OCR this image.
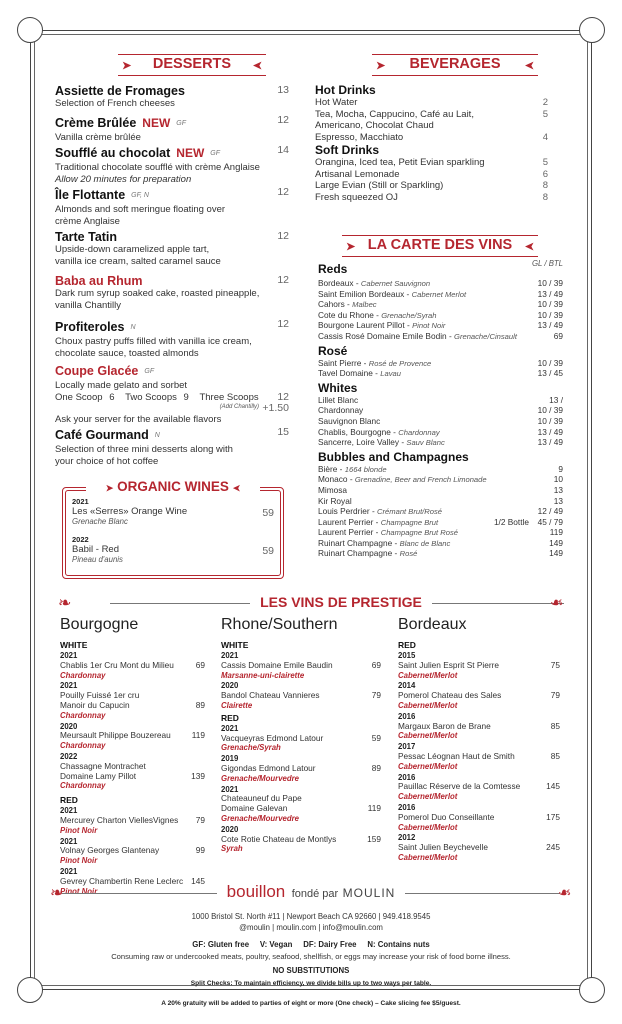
➤ DESSERTS ➤
Assiette de Fromages	13
Selection of French cheeses
Crème Brûlée NEW GF	12
Vanilla crème brûlée
Soufflé au chocolat NEW GF	14
Traditional chocolate soufflé with crème Anglaise
Allow 20 minutes for preparation
Île Flottante GF, N	12
Almonds and soft meringue floating over
crème Anglaise
Tarte Tatin	12
Upside-down caramelized apple tart,
vanilla ice cream, salted caramel sauce
Baba au Rhum	12
Dark rum syrup soaked cake, roasted pineapple,
vanilla Chantilly
Profiteroles N	12
Choux pastry puffs filled with vanilla ice cream,
chocolate sauce, toasted almonds
Coupe Glacée GF
Locally made gelato and sorbet
One Scoop 6 Two Scoops 9 Three Scoops 12
(Add Chantilly) +1.50
Ask your server for the available flavors
Café Gourmand N	15
Selection of three mini desserts along with
your choice of hot coffee
➤ ORGANIC WINES ➤
2021
Les «Serres» Orange Wine
Grenache Blanc
59
2022
Babil - Red
Pineau d'aunis
59
➤ BEVERAGES ➤
Hot Drinks
Hot Water	2
Tea, Mocha, Cappucino, Café au Lait,	5
Americano, Chocolat Chaud
Espresso, Macchiato	4
Soft Drinks
Orangina, Iced tea, Petit Evian sparkling	5
Artisanal Lemonade	6
Large Evian (Still or Sparkling)	8
Fresh squeezed OJ	8
➤ LA CARTE DES VINS ➤
Reds	GL / BTL
Bordeaux - Cabernet Sauvignon	10 / 39
Saint Emilion Bordeaux - Cabernet Merlot	13 / 49
Cahors - Malbec	10 / 39
Cote du Rhone - Grenache/Syrah	10 / 39
Bourgone Laurent Pillot - Pinot Noir	13 / 49
Cassis Rosé Domaine Emile Bodin - Grenache/Cinsault	69
Rosé
Saint Pierre - Rosé de Provence	10 / 39
Tavel Domaine - Lavau	13 / 45
Whites
Lillet Blanc	13 /
Chardonnay	10 / 39
Sauvignon Blanc	10 / 39
Chablis, Bourgogne - Chardonnay	13 / 49
Sancerre, Loire Valley - Sauv Blanc	13 / 49
Bubbles and Champagnes
Bière - 1664 blonde	9
Monaco - Grenadine, Beer and French Limonade	10
Mimosa	13
Kir Royal	13
Louis Perdrier - Crémant Brut/Rosé	12 / 49
Laurent Perrier - Champagne Brut	1/2 Bottle 45 / 79
Laurent Perrier - Champagne Brut Rosé	119
Ruinart Champagne - Blanc de Blanc	149
Ruinart Champagne - Rosé	149
❧	❧
LES VINS DE PRESTIGE
Bourgogne
WHITE
2021
Chablis 1er Cru Mont du Milieu
Chardonnay
69
2021
Pouilly Fuissé 1er cru
Manoir du Capucin
Chardonnay
89
2020
Meursault Philippe Bouzereau
Chardonnay
119
2022
Chassagne Montrachet
Domaine Lamy Pillot
Chardonnay
139
RED
2021
Mercurey Charton ViellesVignes
Pinot Noir
79
2021
Volnay Georges Glantenay
Pinot Noir
99
2021
Gevrey Chambertin Rene Leclerc
Pinot Noir
145
Rhone/Southern
WHITE
2021
Cassis Domaine Emile Baudin
Marsanne-uni-clairette
69
2020
Bandol Chateau Vannieres
Clairette
79
RED
2021
Vacqueyras Edmond Latour
Grenache/Syrah
59
2019
Gigondas Edmond Latour
Grenache/Mourvedre
89
2021
Chateauneuf du Pape
Domaine Galevan
Grenache/Mourvedre
119
2020
Cote Rotie Chateau de Montlys
Syrah
159
Bordeaux
RED
2015
Saint Julien Esprit St Pierre
Cabernet/Merlot
75
2014
Pomerol Chateau des Sales
Cabernet/Merlot
79
2016
Margaux Baron de Brane
Cabernet/Merlot
85
2017
Pessac Léognan Haut de Smith
Cabernet/Merlot
85
2016
Pauillac Réserve de la Comtesse
Cabernet/Merlot
145
2016
Pomerol Duo Conseillante
Cabernet/Merlot
175
2012
Saint Julien Beychevelle
Cabernet/Merlot
245
❧	❧
bouillon fondé par MOULIN
1000 Bristol St. North #11 | Newport Beach CA 92660 | 949.418.9545
@moulin | moulin.com | info@moulin.com
GF: Gluten free     V: Vegan     DF: Dairy Free     N: Contains nuts
Consuming raw or undercooked meats, poultry, seafood, shellfish, or eggs may increase your risk of food borne illness.
NO SUBSTITUTIONS
Split Checks: To maintain efficiency, we divide bills up to two ways per table.
A 20% gratuity will be added to parties of eight or more (One check) – Cake slicing fee $5/guest.
